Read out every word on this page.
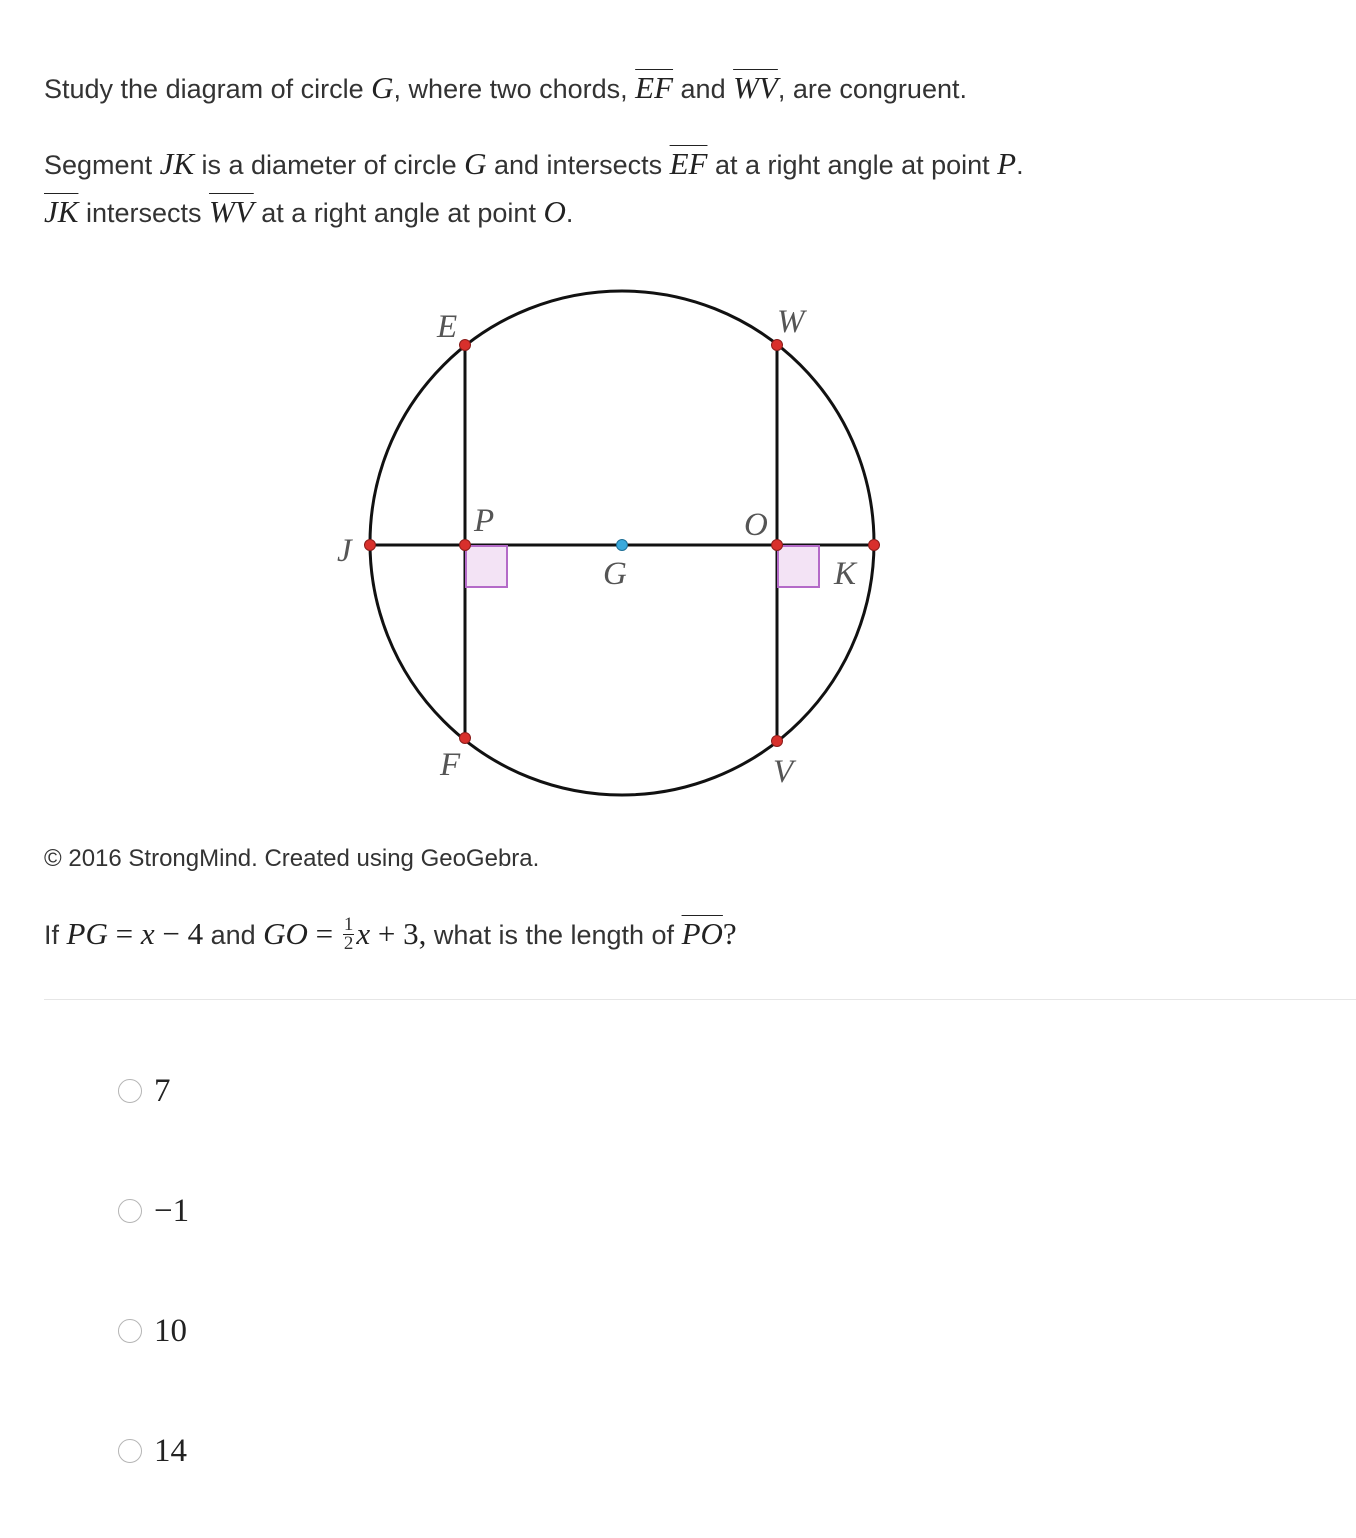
Study the diagram of circle G, where two chords, $\overline{EF}$ and $\overline{WV}$, are congruent.
Segment JK is a diameter of circle G and intersects $\overline{EF}$ at a right angle at point P.
$\overline{JK}$ intersects $\overline{WV}$ at a right angle at point O.
E	W
J
P	O
G	K
F	V
© 2016 StrongMind. Created using GeoGebra.
If PG = x − 4 and GO = $\frac{1}{2}$ x + 3, what is the length of $\overline{PO}$?
7
−1
10
14
